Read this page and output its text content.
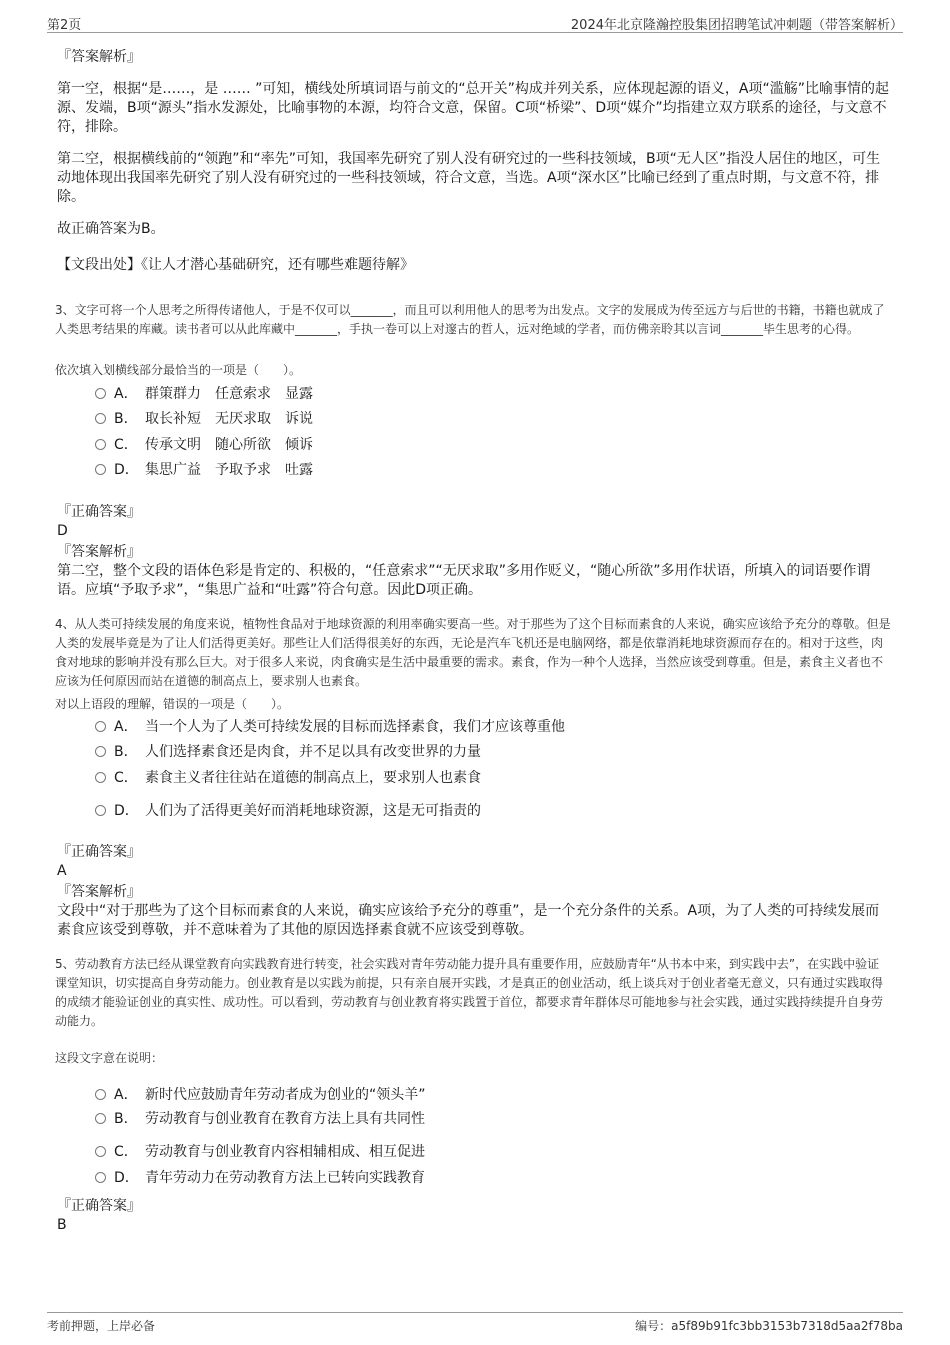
第2页	2024年北京隆瀚控股集团招聘笔试冲刺题（带答案解析）
『答案解析』
第一空，根据“是……，是 …… ”可知，横线处所填词语与前文的“总开关”构成并列关系，应体现起源的语义，A项“滥觞”比喻事情的起源、发端，B项“源头”指水发源处，比喻事物的本源，均符合文意，保留。C项“桥梁”、D项“媒介”均指建立双方联系的途径，与文意不符，排除。
第二空，根据横线前的“领跑”和“率先”可知，我国率先研究了别人没有研究过的一些科技领域，B项“无人区”指没人居住的地区，可生动地体现出我国率先研究了别人没有研究过的一些科技领域，符合文意，当选。A项“深水区”比喻已经到了重点时期，与文意不符，排除。
故正确答案为B。
【文段出处】《让人才潜心基础研究，还有哪些难题待解》
3、文字可将一个人思考之所得传诸他人，于是不仅可以_______，而且可以利用他人的思考为出发点。文字的发展成为传至远方与后世的书籍，书籍也就成了人类思考结果的库藏。读书者可以从此库藏中_______，手执一卷可以上对邃古的哲人，远对绝域的学者，而仿佛亲聆其以言词_______毕生思考的心得。
依次填入划横线部分最恰当的一项是（　　）。
A． 群策群力　任意索求　显露
B． 取长补短　无厌求取　诉说
C． 传承文明　随心所欲　倾诉
D． 集思广益　予取予求　吐露
『正确答案』
D
『答案解析』
第二空，整个文段的语体色彩是肯定的、积极的，“任意索求”“无厌求取”多用作贬义，“随心所欲”多用作状语，所填入的词语要作谓语。应填“予取予求”，“集思广益和“吐露”符合句意。因此D项正确。
4、从人类可持续发展的角度来说，植物性食品对于地球资源的利用率确实要高一些。对于那些为了这个目标而素食的人来说，确实应该给予充分的尊敬。但是人类的发展毕竟是为了让人们活得更美好。那些让人们活得很美好的东西，无论是汽车飞机还是电脑网络，都是依靠消耗地球资源而存在的。相对于这些，肉食对地球的影响并没有那么巨大。对于很多人来说，肉食确实是生活中最重要的需求。素食，作为一种个人选择，当然应该受到尊重。但是，素食主义者也不应该为任何原因而站在道德的制高点上，要求别人也素食。
对以上语段的理解，错误的一项是（　　）。
A． 当一个人为了人类可持续发展的目标而选择素食，我们才应该尊重他
B． 人们选择素食还是肉食，并不足以具有改变世界的力量
C． 素食主义者往往站在道德的制高点上，要求别人也素食
D． 人们为了活得更美好而消耗地球资源，这是无可指责的
『正确答案』
A
『答案解析』
文段中“对于那些为了这个目标而素食的人来说，确实应该给予充分的尊重”，是一个充分条件的关系。A项，为了人类的可持续发展而素食应该受到尊敬，并不意味着为了其他的原因选择素食就不应该受到尊敬。
5、劳动教育方法已经从课堂教育向实践教育进行转变，社会实践对青年劳动能力提升具有重要作用，应鼓励青年“从书本中来，到实践中去”，在实践中验证课堂知识，切实提高自身劳动能力。创业教育是以实践为前提，只有亲自展开实践，才是真正的创业活动，纸上谈兵对于创业者毫无意义，只有通过实践取得的成绩才能验证创业的真实性、成功性。可以看到，劳动教育与创业教育将实践置于首位，都要求青年群体尽可能地参与社会实践，通过实践持续提升自身劳动能力。
这段文字意在说明：
A． 新时代应鼓励青年劳动者成为创业的“领头羊”
B． 劳动教育与创业教育在教育方法上具有共同性
C． 劳动教育与创业教育内容相辅相成、相互促进
D． 青年劳动力在劳动教育方法上已转向实践教育
『正确答案』
B
考前押题，上岸必备	编号：a5f89b91fc3bb3153b7318d5aa2f78ba
